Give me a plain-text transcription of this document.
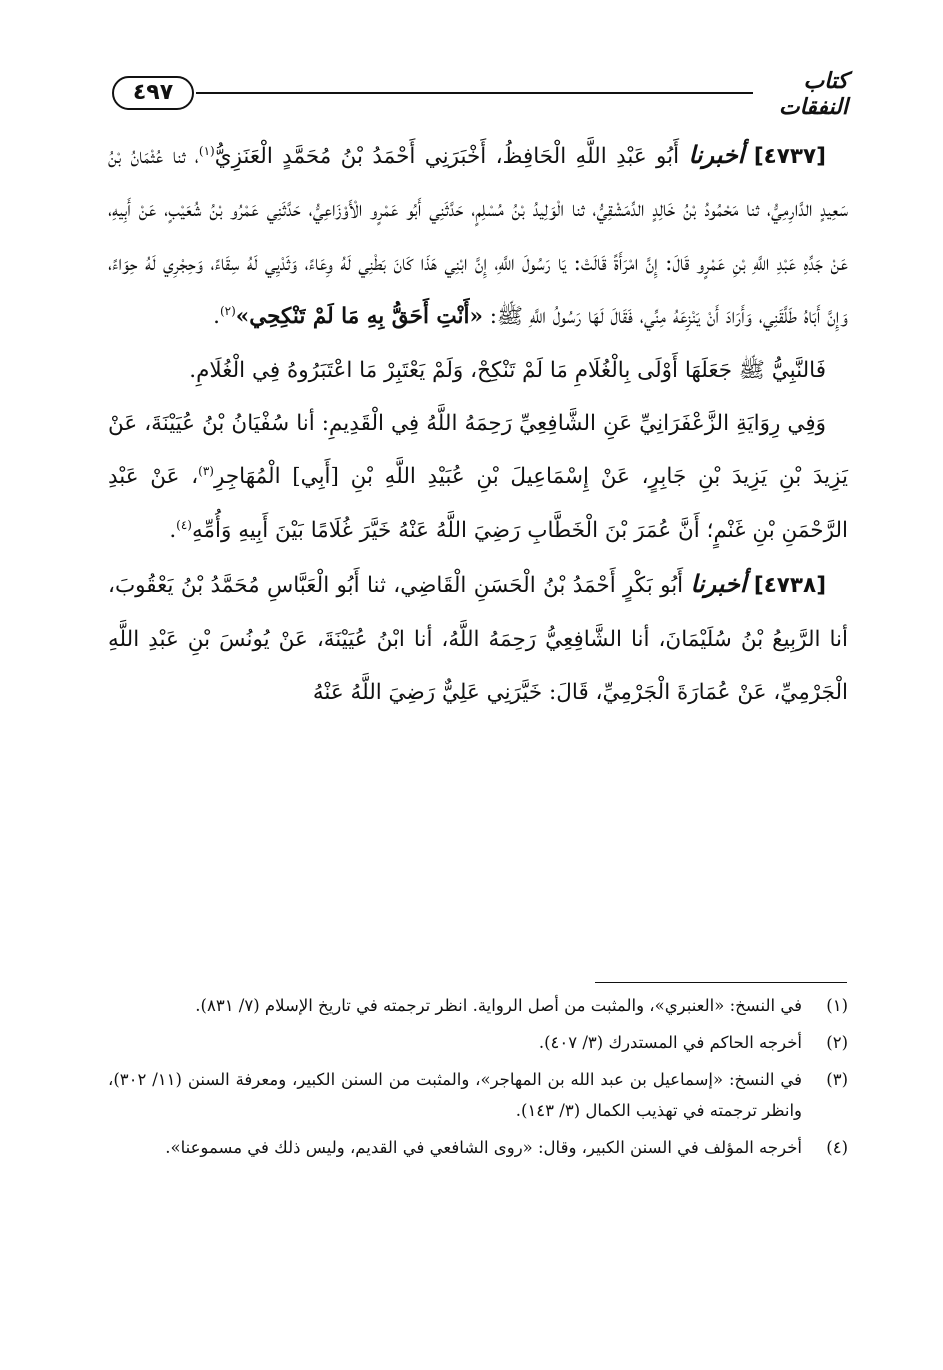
٤٩٧	كتاب النفقات

[٤٧٣٧] أخبرنا أَبُو عَبْدِ اللَّهِ الْحَافِظُ، أَخْبَرَنِي أَحْمَدُ بْنُ مُحَمَّدٍ الْعَنَزِيُّ$^{(١)}$، ثنا عُثْمَانُ بْنُ سَعِيدٍ الدَّارِمِيُّ، ثنا مَحْمُودُ بْنُ خَالِدٍ الدِّمَشْقِيُّ، ثنا الْوَلِيدُ بْنُ مُسْلِمٍ، حَدَّثَنِي أَبُو عَمْرٍو الْأَوْزَاعِيُّ، حَدَّثَنِي عَمْرُو بْنُ شُعَيْبٍ، عَنْ أَبِيهِ، عَنْ جَدِّهِ عَبْدِ اللَّهِ بْنِ عَمْرٍو قَالَ: إِنَّ امْرَأَةً قَالَتْ: يَا رَسُولَ اللَّهِ، إِنَّ ابْنِي هَذَا كَانَ بَطْنِي لَهُ وِعَاءً، وَثَدْيِي لَهُ سِقَاءً، وَحِجْرِي لَهُ حِوَاءً، وَإِنَّ أَبَاهُ طَلَّقَنِي، وَأَرَادَ أَنْ يَنْزِعَهُ مِنِّي، فَقَالَ لَهَا رَسُولُ اللَّهِ ﷺ: «أَنْتِ أَحَقُّ بِهِ مَا لَمْ تَنْكِحِي»$^{(٢)}$.

فَالنَّبِيُّ ﷺ جَعَلَهَا أَوْلَى بِالْغُلَامِ مَا لَمْ تَنْكِحْ، وَلَمْ يَعْتَبِرْ مَا اعْتَبَرُوهُ فِي الْغُلَامِ.

وَفِي رِوَايَةِ الزَّعْفَرَانِيِّ عَنِ الشَّافِعِيِّ رَحِمَهُ اللَّهُ فِي الْقَدِيمِ: أنا سُفْيَانُ بْنُ عُيَيْنَةَ، عَنْ يَزِيدَ بْنِ يَزِيدَ بْنِ جَابِرٍ، عَنْ إِسْمَاعِيلَ بْنِ عُبَيْدِ اللَّهِ بْنِ [أَبِي] الْمُهَاجِرِ$^{(٣)}$، عَنْ عَبْدِ الرَّحْمَنِ بْنِ غَنْمٍ؛ أَنَّ عُمَرَ بْنَ الْخَطَّابِ رَضِيَ اللَّهُ عَنْهُ خَيَّرَ غُلَامًا بَيْنَ أَبِيهِ وَأُمِّهِ$^{(٤)}$.

[٤٧٣٨] أخبرنا أَبُو بَكْرٍ أَحْمَدُ بْنُ الْحَسَنِ الْقَاضِي، ثنا أَبُو الْعَبَّاسِ مُحَمَّدُ بْنُ يَعْقُوبَ، أنا الرَّبِيعُ بْنُ سُلَيْمَانَ، أنا الشَّافِعِيُّ رَحِمَهُ اللَّهُ، أنا ابْنُ عُيَيْنَةَ، عَنْ يُونُسَ بْنِ عَبْدِ اللَّهِ الْجَرْمِيِّ، عَنْ عُمَارَةَ الْجَرْمِيِّ، قَالَ: خَيَّرَنِي عَلِيٌّ رَضِيَ اللَّهُ عَنْهُ

(١)
في النسخ: «العنبري»، والمثبت من أصل الرواية. انظر ترجمته في تاريخ الإسلام (٧/ ٨٣١).
(٢)
أخرجه الحاكم في المستدرك (٣/ ٤٠٧).
(٣)
في النسخ: «إسماعيل بن عبد الله بن المهاجر»، والمثبت من السنن الكبير، ومعرفة السنن (١١/ ٣٠٢)، وانظر ترجمته في تهذيب الكمال (٣/ ١٤٣).
(٤)
أخرجه المؤلف في السنن الكبير، وقال: «روى الشافعي في القديم، وليس ذلك في مسموعنا».
